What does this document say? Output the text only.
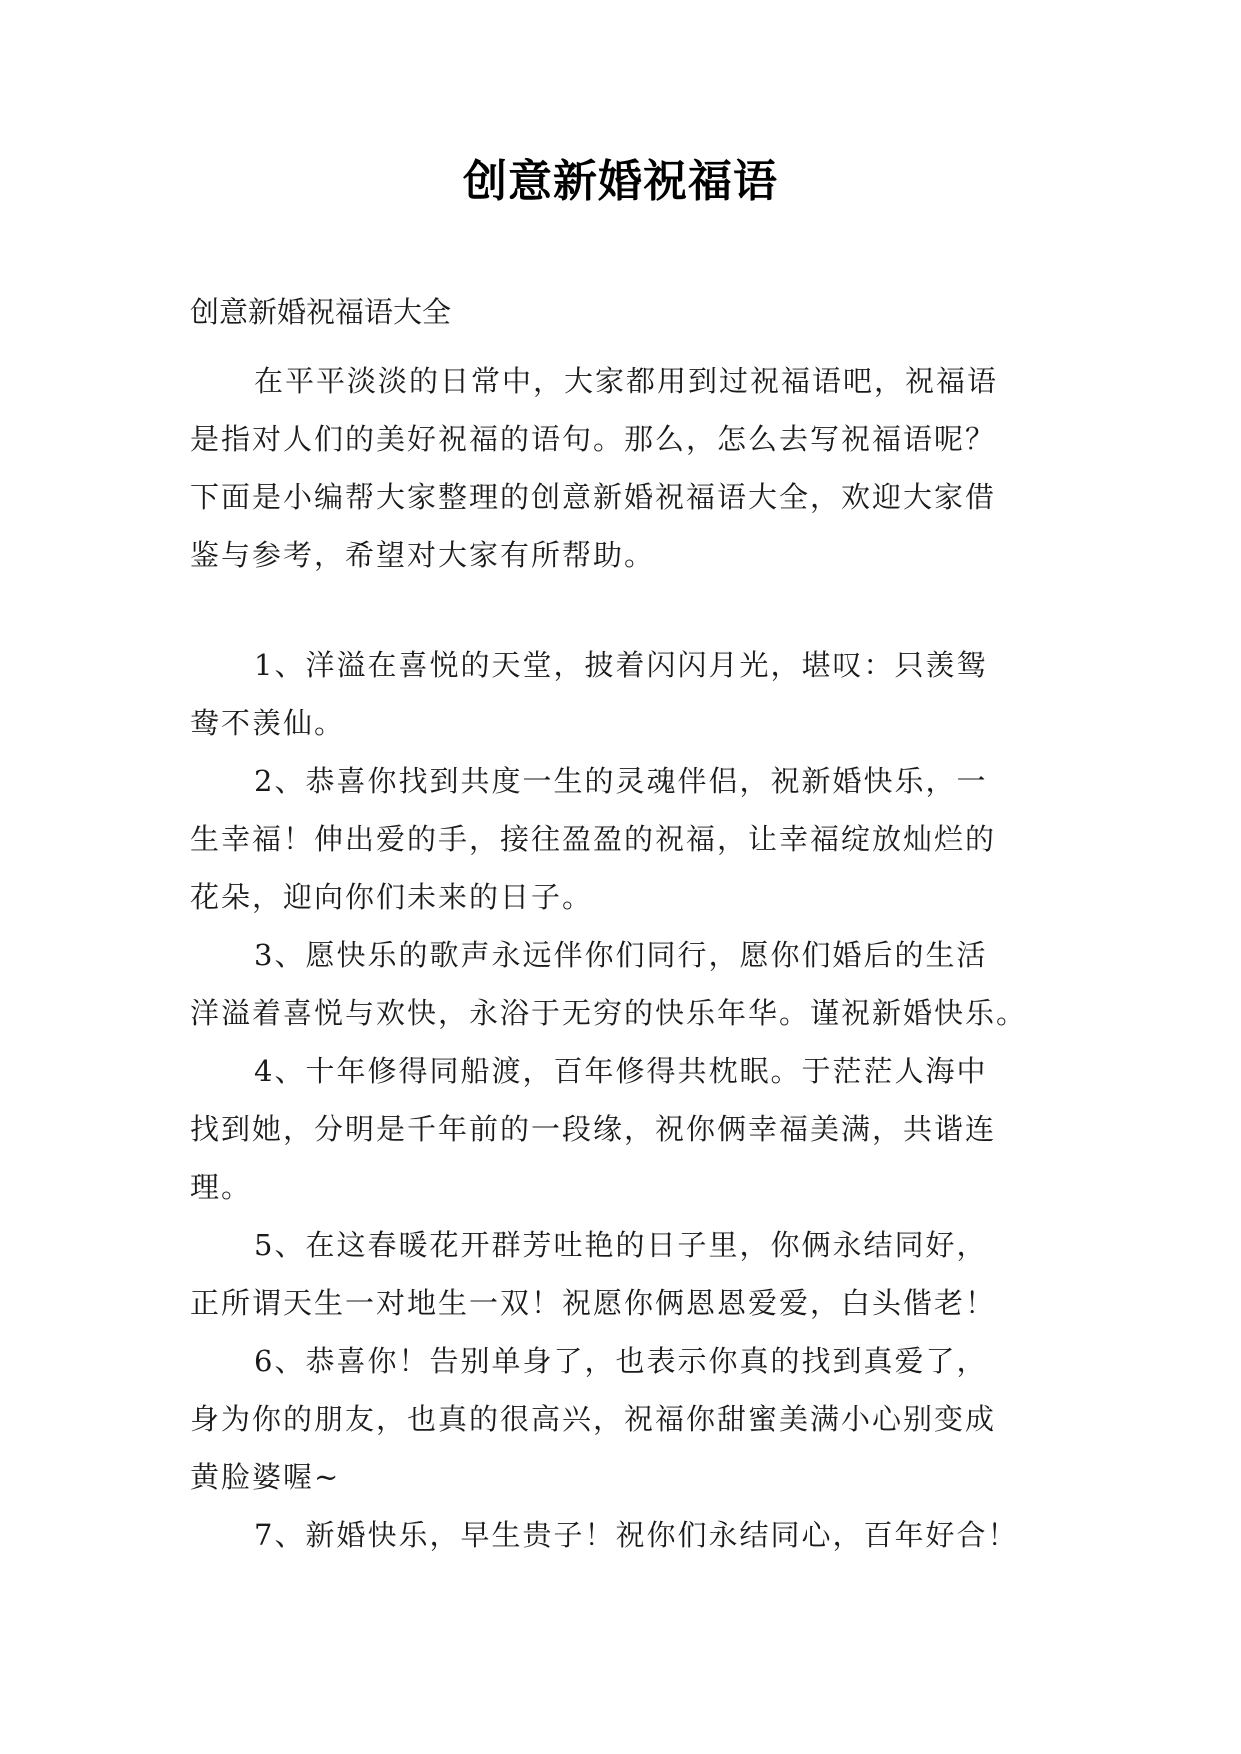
创意新婚祝福语
创意新婚祝福语大全
在平平淡淡的日常中，大家都用到过祝福语吧，祝福语
是指对人们的美好祝福的语句。那么，怎么去写祝福语呢？
下面是小编帮大家整理的创意新婚祝福语大全，欢迎大家借
鉴与参考，希望对大家有所帮助。
1、洋溢在喜悦的天堂，披着闪闪月光，堪叹：只羡鸳
鸯不羡仙。
2、恭喜你找到共度一生的灵魂伴侣，祝新婚快乐，一
生幸福！伸出爱的手，接往盈盈的祝福，让幸福绽放灿烂的
花朵，迎向你们未来的日子。
3、愿快乐的歌声永远伴你们同行，愿你们婚后的生活
洋溢着喜悦与欢快，永浴于无穷的快乐年华。谨祝新婚快乐。
4、十年修得同船渡，百年修得共枕眠。于茫茫人海中
找到她，分明是千年前的一段缘，祝你俩幸福美满，共谐连
理。
5、在这春暖花开群芳吐艳的日子里，你俩永结同好，
正所谓天生一对地生一双！祝愿你俩恩恩爱爱，白头偕老！
6、恭喜你！告别单身了，也表示你真的找到真爱了，
身为你的朋友，也真的很高兴，祝福你甜蜜美满小心别变成
黄脸婆喔~
7、新婚快乐，早生贵子！祝你们永结同心，百年好合！
